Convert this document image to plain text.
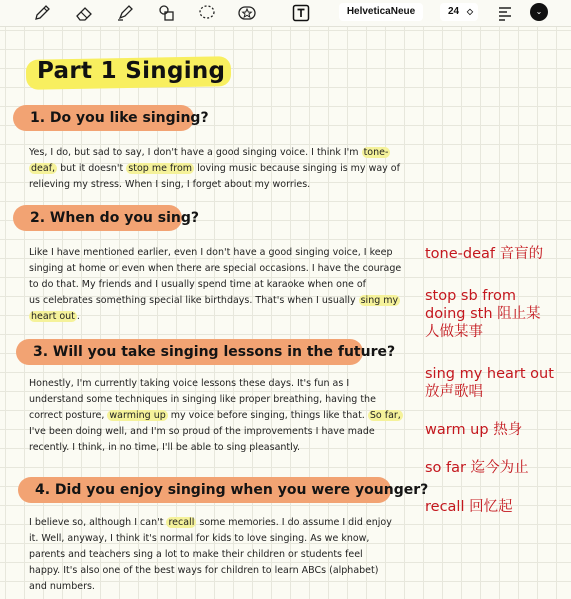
HelveticaNeue	24 ◇	⌄
Part 1 Singing
1. Do you like singing?

Yes, I do, but sad to say, I don't have a good singing voice. I think I'm tone-
deaf, but it doesn't stop me from loving music because singing is my way of
relieving my stress. When I sing, I forget about my worries.

2. When do you sing?

Like I have mentioned earlier, even I don't have a good singing voice, I keep
singing at home or even when there are special occasions. I have the courage
to do that. My friends and I usually spend time at karaoke when one of
us celebrates something special like birthdays. That's when I usually sing my
heart out .

3. Will you take singing lessons in the future?

Honestly, I'm currently taking voice lessons these days. It's fun as I
understand some techniques in singing like proper breathing, having the
correct posture, warming up my voice before singing, things like that. So far,
I've been doing well, and I'm so proud of the improvements I have made
recently. I think, in no time, I'll be able to sing pleasantly.

4. Did you enjoy singing when you were younger?

I believe so, although I can't recall some memories. I do assume I did enjoy
it. Well, anyway, I think it's normal for kids to love singing. As we know,
parents and teachers sing a lot to make their children or students feel
happy. It's also one of the best ways for children to learn ABCs (alphabet)
and numbers.

tone-deaf 音盲的
stop sb from
doing sth 阻止某
人做某事
sing my heart out
放声歌唱
warm up 热身
so far 迄今为止
recall 回忆起
